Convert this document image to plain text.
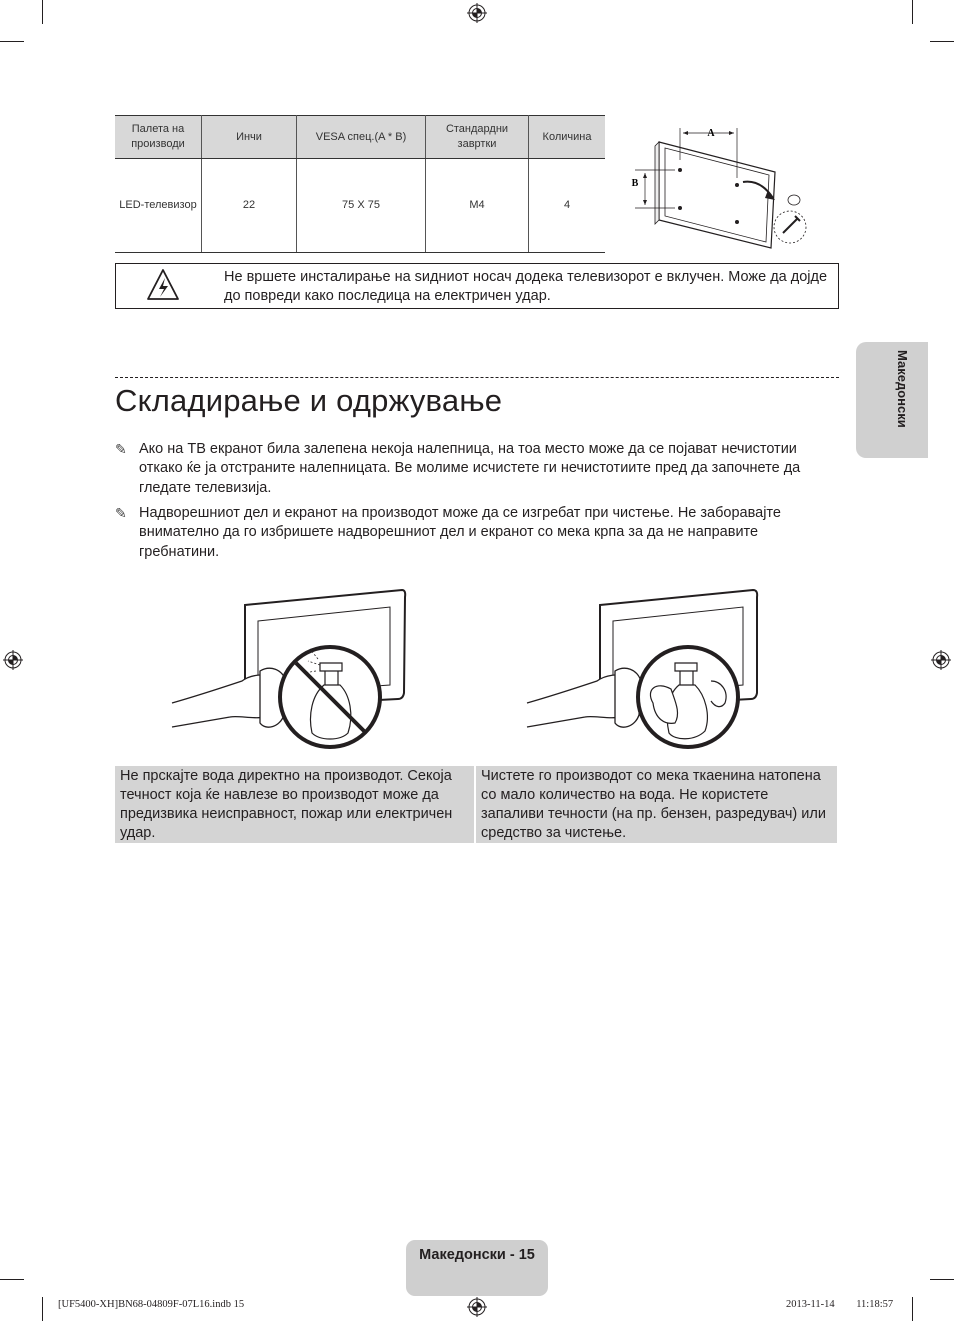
Палета на производи	Инчи	VESA спец.(A * B)	Стандардни завртки	Количина
LED-телевизор	22	75 X 75	M4	4
A
B
Не вршете инсталирање на ѕидниот носач додека телевизорот е вклучен. Може да дојде до повреди како последица на електричен удар.
Складирање и одржување
✎ Ако на ТВ екранот била залепена некоја налепница, на тоа место може да се појават нечистотии откако ќе ја отстраните налепницата. Ве молиме исчистете ги нечистотиите пред да започнете да гледате телевизија.
✎ Надворешниот дел и екранот на производот може да се изгребат при чистење. Не заборавајте внимателно да го избришете надворешниот дел и екранот со мека крпа за да не направите гребнатини.
Не прскајте вода директно на производот. Секоја течност која ќе навлезе во производот може да предизвика неисправност, пожар или електричен удар.
Чистете го производот со мека ткаенина натопена со мало количество на вода. Не користете запаливи течности (на пр. бензен, разредувач) или средство за чистење.
Македонски
Македонски - 15
[UF5400-XH]BN68-04809F-07L16.indb 15	2013-11-14 ￿￿ 11:18:57
